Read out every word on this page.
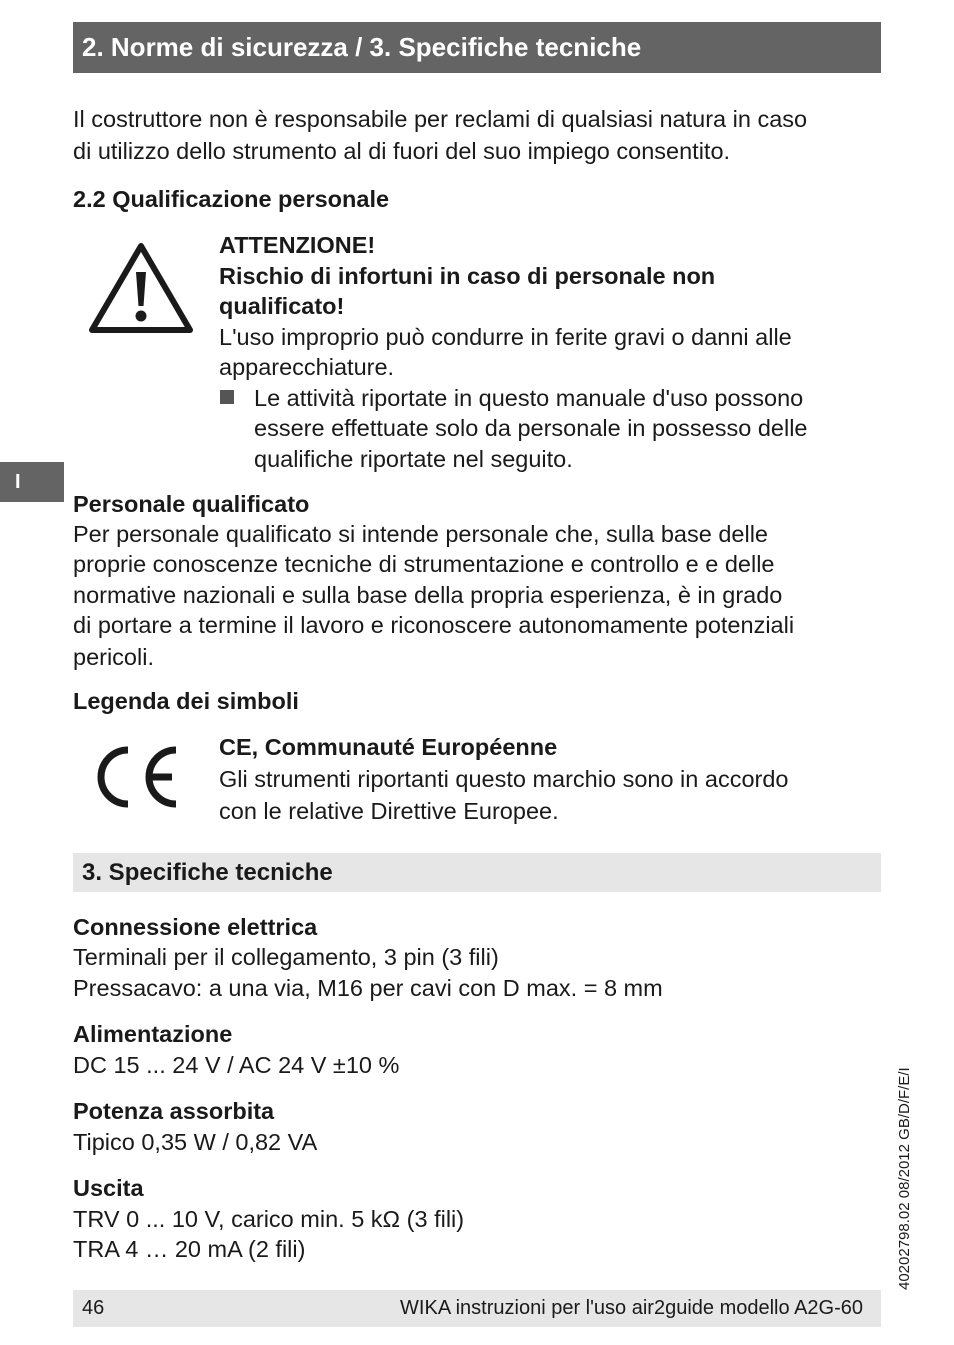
2. Norme di sicurezza / 3. Specifiche tecniche
Il costruttore non è responsabile per reclami di qualsiasi natura in caso
di utilizzo dello strumento al di fuori del suo impiego consentito.
2.2 Qualificazione personale
ATTENZIONE!
Rischio di infortuni in caso di personale non
qualificato!
L'uso improprio può condurre in ferite gravi o danni alle
apparecchiature.
Le attività riportate in questo manuale d'uso possono
essere effettuate solo da personale in possesso delle
qualifiche riportate nel seguito.
I
Personale qualificato
Per personale qualificato si intende personale che, sulla base delle
proprie conoscenze tecniche di strumentazione e controllo e e delle
normative nazionali e sulla base della propria esperienza, è in grado
di portare a termine il lavoro e riconoscere autonomamente potenziali
pericoli.
Legenda dei simboli
CE, Communauté Européenne
Gli strumenti riportanti questo marchio sono in accordo
con le relative Direttive Europee.
3. Specifiche tecniche
Connessione elettrica
Terminali per il collegamento, 3 pin (3 fili)
Pressacavo: a una via, M16 per cavi con D max. = 8 mm
Alimentazione
DC 15 ... 24 V / AC 24 V ±10 %
Potenza assorbita
Tipico 0,35 W / 0,82 VA
Uscita
TRV 0 ... 10 V, carico min. 5 kΩ (3 fili)
TRA 4 … 20 mA (2 fili)
46	WIKA instruzioni per l'uso air2guide modello A2G-60
40202798.02 08/2012 GB/D/F/E/I
